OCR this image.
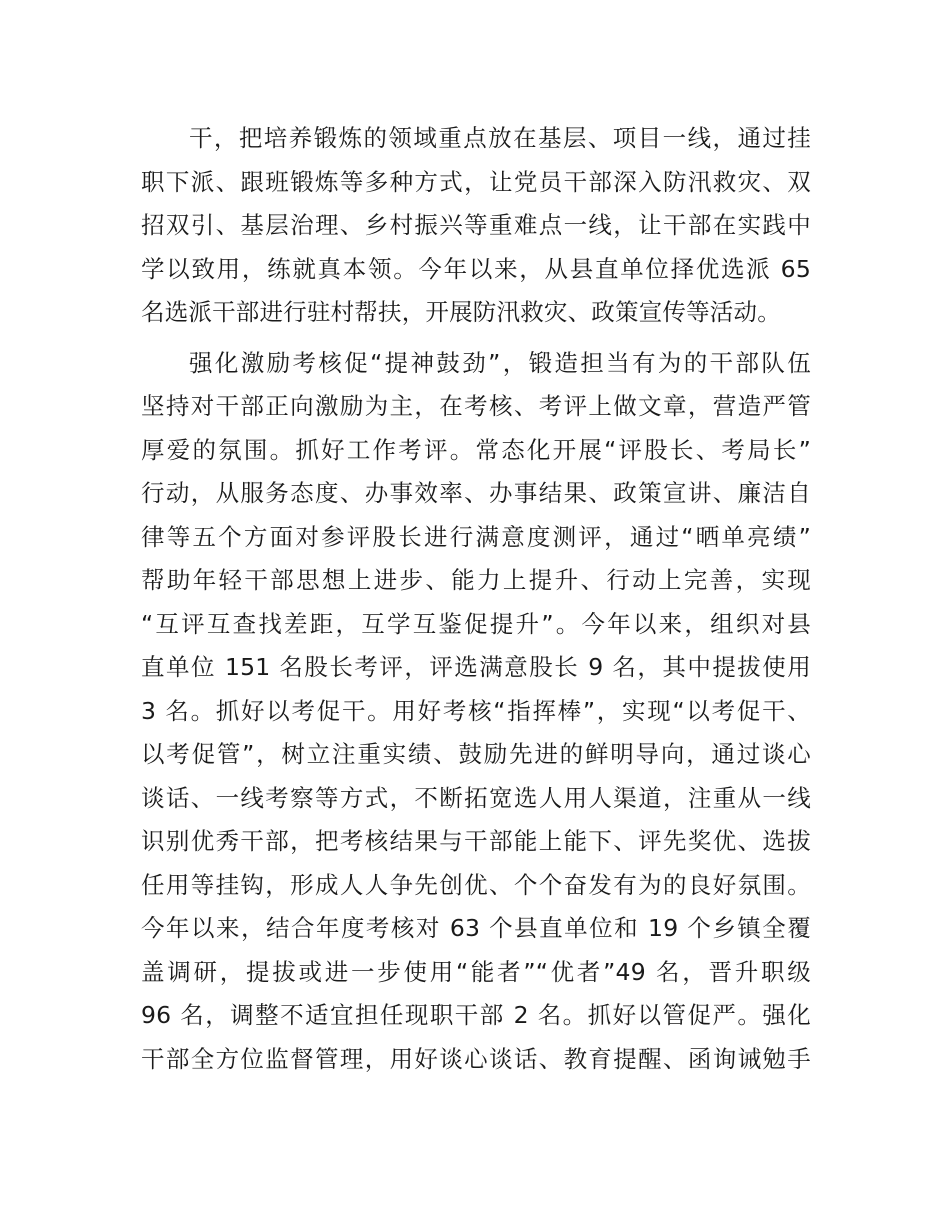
干，把培养锻炼的领域重点放在基层、项目一线，通过挂
职下派、跟班锻炼等多种方式，让党员干部深入防汛救灾、双
招双引、基层治理、乡村振兴等重难点一线，让干部在实践中
学以致用，练就真本领。今年以来，从县直单位择优选派 65
名选派干部进行驻村帮扶，开展防汛救灾、政策宣传等活动。

强化激励考核促“提神鼓劲”，锻造担当有为的干部队伍
坚持对干部正向激励为主，在考核、考评上做文章，营造严管
厚爱的氛围。抓好工作考评。常态化开展“评股长、考局长”
行动，从服务态度、办事效率、办事结果、政策宣讲、廉洁自
律等五个方面对参评股长进行满意度测评，通过“晒单亮绩”
帮助年轻干部思想上进步、能力上提升、行动上完善，实现
“互评互查找差距，互学互鉴促提升”。今年以来，组织对县
直单位 151 名股长考评，评选满意股长 9 名，其中提拔使用
3 名。抓好以考促干。用好考核“指挥棒”，实现“以考促干、
以考促管”，树立注重实绩、鼓励先进的鲜明导向，通过谈心
谈话、一线考察等方式，不断拓宽选人用人渠道，注重从一线
识别优秀干部，把考核结果与干部能上能下、评先奖优、选拔
任用等挂钩，形成人人争先创优、个个奋发有为的良好氛围。
今年以来，结合年度考核对 63 个县直单位和 19 个乡镇全覆
盖调研，提拔或进一步使用“能者”“优者”49 名，晋升职级
96 名，调整不适宜担任现职干部 2 名。抓好以管促严。强化
干部全方位监督管理，用好谈心谈话、教育提醒、函询诫勉手
